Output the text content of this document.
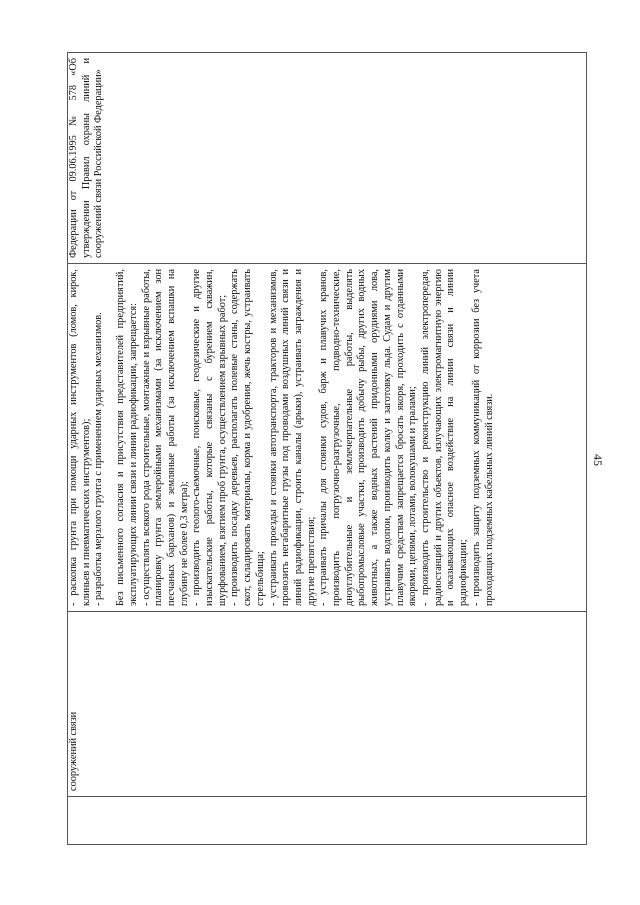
45

сооружений связи

- раскопка грунта при помощи ударных инструментов (ломов, кирок, клиньев и пневматических инструментов); - разработка мерзлого грунта с применением ударных механизмов. Без письменного согласия и присутствия представителей предприятий, эксплуатирующих линии связи и линии радиофикации, запрещается: - осуществлять всякого рода строительные, монтажные и взрывные работы, планировку грунта землеройными механизмами (за исключением зон песчаных барханов) и земляные работы (за исключением вспашки на глубину не более 0,3 метра); - производить геолого-съемочные, поисковые, геодезические и другие изыскательские работы, которые связаны с бурением скважин, шурфованием, взятием проб грунта, осуществлением взрывных работ; - производить посадку деревьев, располагать полевые станы, содержать скот, складировать материалы, корма и удобрения, жечь костры, устраивать стрельбища; - устраивать проезды и стоянки автотранспорта, тракторов и механизмов, провозить негабаритные грузы под проводами воздушных линий связи и линий радиофикации, строить каналы (арыки), устраивать заграждения и другие препятствия; - устраивать причалы для стоянки судов, барж и плавучих кранов, производить погрузочно-разгрузочные, подводно-технические, дноуглубительные и землечерпательные работы, выделять рыбопромысловые участки, производить добычу рыбы, других водных животных, а также водных растений придонными орудиями лова, устраивать водопои, производить колку и заготовку льда. Судам и другим плавучим средствам запрещается бросать якоря, проходить с отданными якорями, цепями, лотами, волокушами и тралами; - производить строительство и реконструкцию линий электропередач, радиостанций и других объектов, излучающих электромагнитную энергию и оказывающих опасное воздействие на линии связи и линии радиофикации; - производить защиту подземных коммуникаций от коррозии без учета проходящих подземных кабельных линий связи.

Федерации от 09.06.1995 № 578 «Об утверждении Правил охраны линий и сооружений связи Российской Федерации»
